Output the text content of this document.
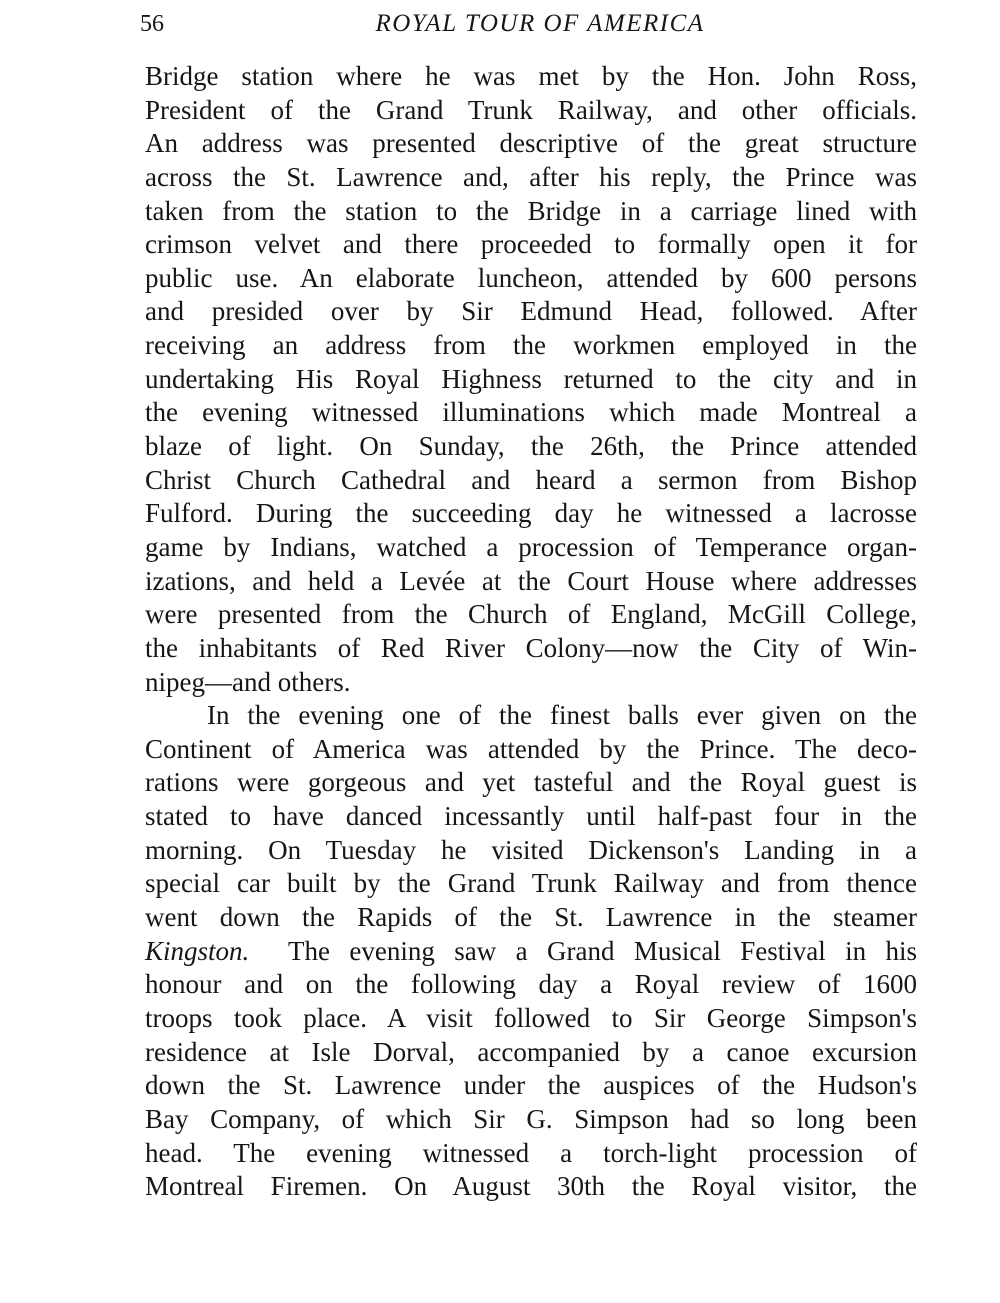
56	ROYAL TOUR OF AMERICA
Bridge station where he was met by the Hon. John Ross,
President of the Grand Trunk Railway, and other officials.
An address was presented descriptive of the great structure
across the St. Lawrence and, after his reply, the Prince was
taken from the station to the Bridge in a carriage lined with
crimson velvet and there proceeded to formally open it for
public use. An elaborate luncheon, attended by 600 persons
and presided over by Sir Edmund Head, followed. After
receiving an address from the workmen employed in the
undertaking His Royal Highness returned to the city and in
the evening witnessed illuminations which made Montreal a
blaze of light. On Sunday, the 26th, the Prince attended
Christ Church Cathedral and heard a sermon from Bishop
Fulford. During the succeeding day he witnessed a lacrosse
game by Indians, watched a procession of Temperance organ-
izations, and held a Levée at the Court House where addresses
were presented from the Church of England, McGill College,
the inhabitants of Red River Colony—now the City of Win-
nipeg—and others.
In the evening one of the finest balls ever given on the
Continent of America was attended by the Prince. The deco-
rations were gorgeous and yet tasteful and the Royal guest is
stated to have danced incessantly until half-past four in the
morning. On Tuesday he visited Dickenson's Landing in a
special car built by the Grand Trunk Railway and from thence
went down the Rapids of the St. Lawrence in the steamer
Kingston. The evening saw a Grand Musical Festival in his
honour and on the following day a Royal review of 1600
troops took place. A visit followed to Sir George Simpson's
residence at Isle Dorval, accompanied by a canoe excursion
down the St. Lawrence under the auspices of the Hudson's
Bay Company, of which Sir G. Simpson had so long been
head. The evening witnessed a torch-light procession of
Montreal Firemen. On August 30th the Royal visitor, the
